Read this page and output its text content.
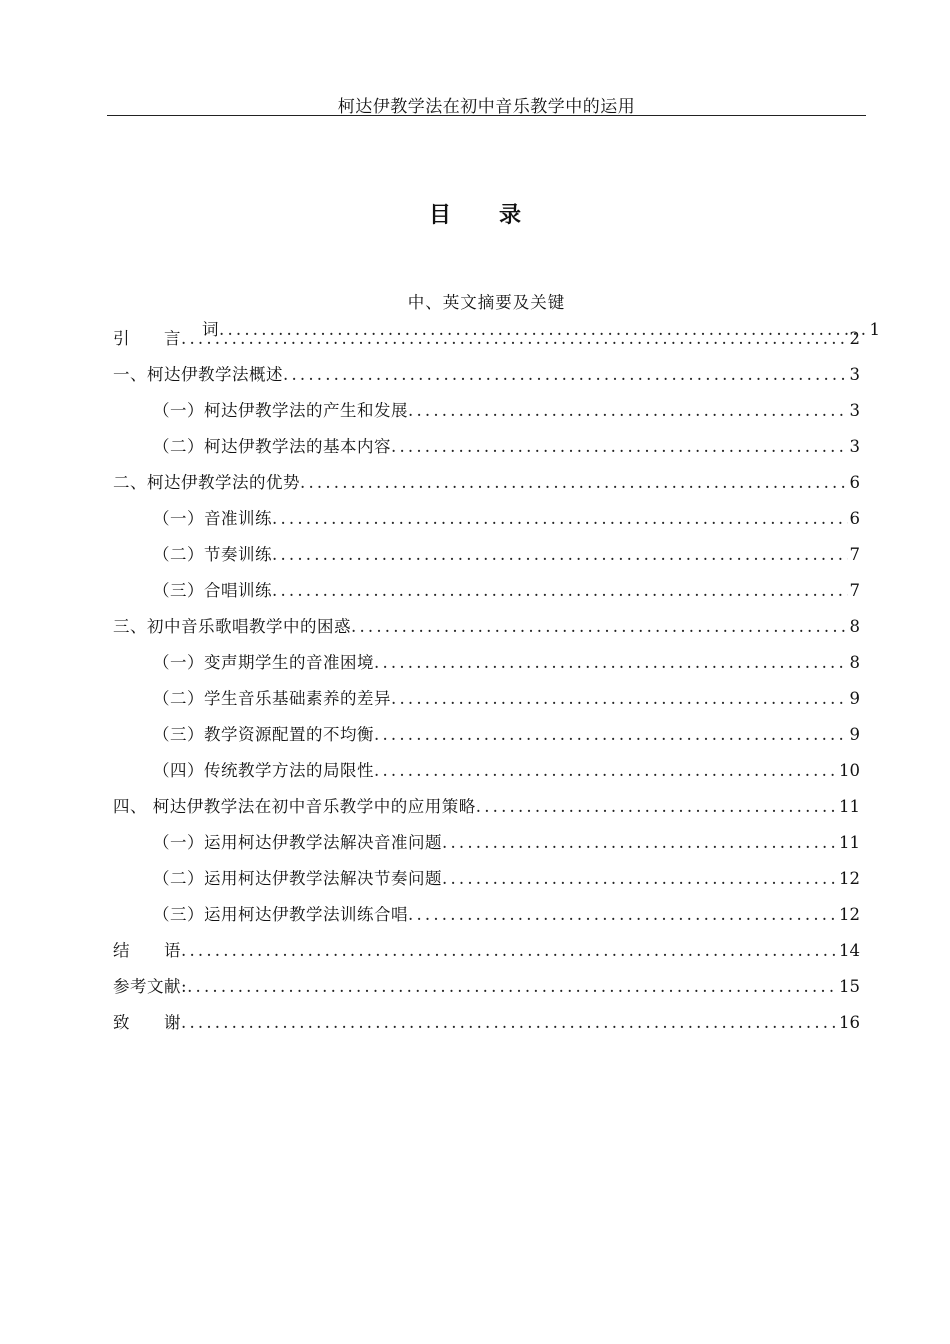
柯达伊教学法在初中音乐教学中的运用
目 录
中、英文摘要及关键
词 .....	1
引　　言 .....	2
一、柯达伊教学法概述 .....	3
（一）柯达伊教学法的产生和发展 .....	3
（二）柯达伊教学法的基本内容 .....	3
二、柯达伊教学法的优势 .....	6
（一）音准训练 .....	6
（二）节奏训练 .....	7
（三）合唱训练 .....	7
三、初中音乐歌唱教学中的困惑 .....	8
（一）变声期学生的音准困境 .....	8
（二）学生音乐基础素养的差异 .....	9
（三）教学资源配置的不均衡 .....	9
（四）传统教学方法的局限性 .....	10
四、 柯达伊教学法在初中音乐教学中的应用策略 .....	11
（一）运用柯达伊教学法解决音准问题 .....	11
（二）运用柯达伊教学法解决节奏问题 .....	12
（三）运用柯达伊教学法训练合唱 .....	12
结　　语 .....	14
参考文献: .....	15
致　　谢 .....	16
